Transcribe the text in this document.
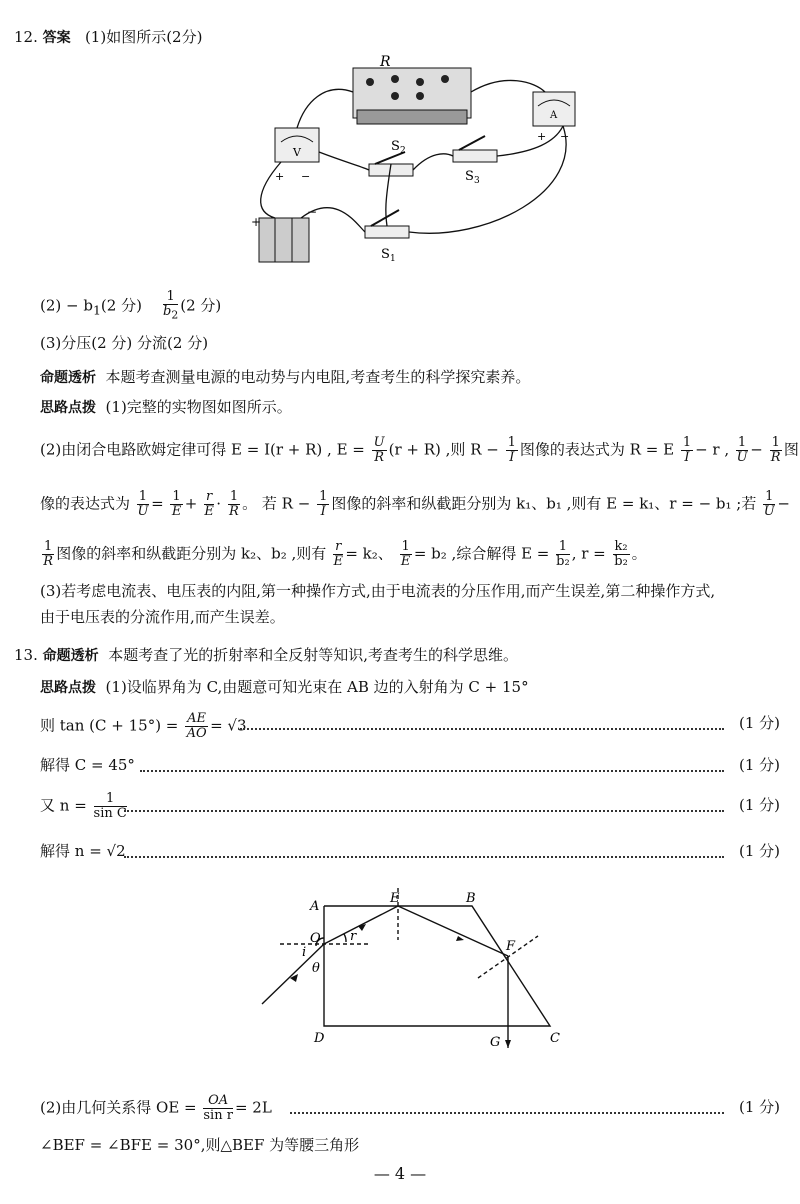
12. 答案 (1)如图所示(2分)
R
V
+ −
A
+ −
+
−
S 2
S 3
S 1
$(2) - b_1(2$ 分) $\frac{1}{b_2} (2$ 分)
(3)分压(2 分) 分流(2 分)
命题透析 本题考查测量电源的电动势与内电阻,考查考生的科学探究素养。
思路点拨 (1)完整的实物图如图所示。
(2)由闭合电路欧姆定律可得 E = I(r + R) , $E = \frac{U}{R} (r + R)$ ,则 $R - \frac{1}{I}$ 图像的表达式为 R = E $\frac{1}{I} - r$ , $\frac{1}{U} - \frac{1}{R}$ 图
像的表达式为 $\frac{1}{U} = \frac{1}{E} + \frac{r}{E} \cdot \frac{1}{R}$ 。 若 $R - \frac{1}{I}$ 图像的斜率和纵截距分别为 k₁、b₁ ,则有 E = k₁、r = − b₁ ;若 $\frac{1}{U}$ −
$\frac{1}{R}$ 图像的斜率和纵截距分别为 k₂、b₂ ,则有 $\frac{r}{E} = k_2$、 $\frac{1}{E} = b_2$ ,综合解得 $E = \frac{1}{\text{b₂}}$ , $r = \frac{\text{k₂}}{\text{b₂}}$ 。
(3)若考虑电流表、电压表的内阻,第一种操作方式,由于电流表的分压作用,而产生误差,第二种操作方式,
由于电压表的分流作用,而产生误差。
13. 命题透析 本题考查了光的折射率和全反射等知识,考查考生的科学思维。
思路点拨 (1)设临界角为 C,由题意可知光束在 AB 边的入射角为 C + 15°
则 $\tan (C + 15^\circ) = \frac{AE}{AO} = √3$	(1 分)
解得 C = 45°	(1 分)
又 $n = \frac{1}{\text{sin C}}$	(1 分)
解得 n = √2	(1 分)
A
E	B
F
O r
i
θ
D	G	C
(2)由几何关系得 OE = $\frac{OA}{\text{sin r}} = 2L$	(1 分)
∠BEF = ∠BFE = 30°,则△BEF 为等腰三角形
— 4 —
